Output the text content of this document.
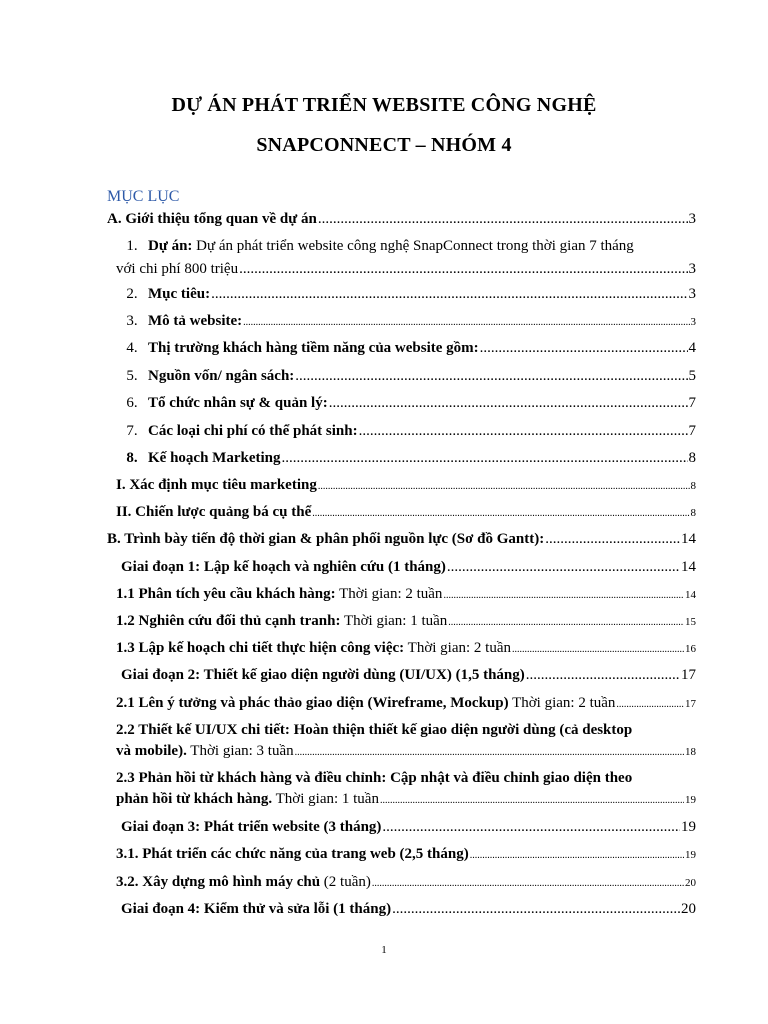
DỰ ÁN PHÁT TRIỂN WEBSITE CÔNG NGHỆ
SNAPCONNECT – NHÓM 4
MỤC LỤC
A. Giới thiệu tổng quan về dự án .....	3
1. Dự án: Dự án phát triển website công nghệ SnapConnect trong thời gian 7 tháng
với chi phí 800 triệu .....	3
2. Mục tiêu: .....	3
3. Mô tả website: .....	3
4. Thị trường khách hàng tiềm năng của website gồm: .....	4
5. Nguồn vốn/ ngân sách: .....	5
6. Tổ chức nhân sự & quản lý: .....	7
7. Các loại chi phí có thể phát sinh: .....	7
8. Kế hoạch Marketing .....	8
I. Xác định mục tiêu marketing .....	8
II. Chiến lược quảng bá cụ thể .....	8
B. Trình bày tiến độ thời gian & phân phối nguồn lực (Sơ đồ Gantt): .....	14
Giai đoạn 1: Lập kế hoạch và nghiên cứu (1 tháng) .....	14
1.1 Phân tích yêu cầu khách hàng: Thời gian: 2 tuần .....	14
1.2 Nghiên cứu đối thủ cạnh tranh: Thời gian: 1 tuần .....	15
1.3 Lập kế hoạch chi tiết thực hiện công việc: Thời gian: 2 tuần .....	16
Giai đoạn 2: Thiết kế giao diện người dùng (UI/UX) (1,5 tháng) .....	17
2.1 Lên ý tưởng và phác thảo giao diện (Wireframe, Mockup) Thời gian: 2 tuần .....	17
2.2 Thiết kế UI/UX chi tiết: Hoàn thiện thiết kế giao diện người dùng (cả desktop
và mobile). Thời gian: 3 tuần .....	18
2.3 Phản hồi từ khách hàng và điều chỉnh: Cập nhật và điều chỉnh giao diện theo
phản hồi từ khách hàng. Thời gian: 1 tuần .....	19
Giai đoạn 3: Phát triển website (3 tháng) .....	19
3.1. Phát triển các chức năng của trang web (2,5 tháng) .....	19
3.2. Xây dựng mô hình máy chủ (2 tuần) .....	20
Giai đoạn 4: Kiểm thử và sửa lỗi (1 tháng) .....	20
1
